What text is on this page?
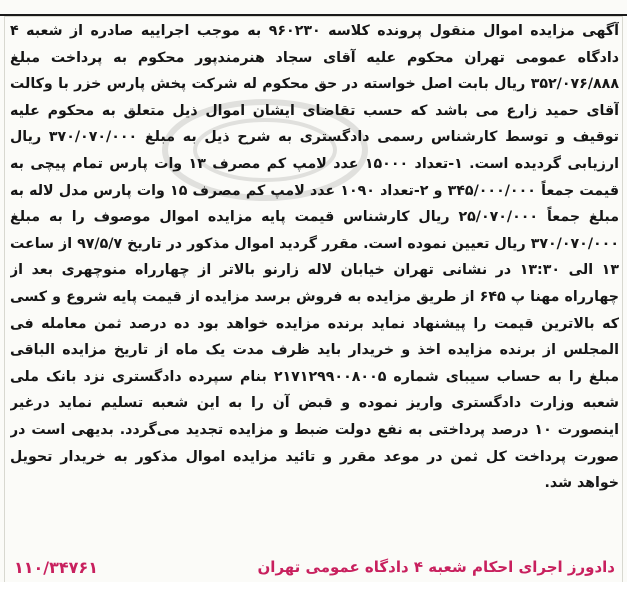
آگهی مزایده اموال منقول پرونده کلاسه ۹۶۰۲۳۰ به موجب اجراییه صادره از شعبه ۴ دادگاه عمومی تهران محکوم علیه آقای سجاد هنرمندپور محکوم به پرداخت مبلغ ۳۵۲/۰۷۶/۸۸۸ ریال بابت اصل خواسته در حق محکوم له شرکت پخش پارس خزر با وکالت آقای حمید زارع می باشد که حسب تقاضای ایشان اموال ذیل متعلق به محکوم علیه توقیف و توسط کارشناس رسمی دادگستری به شرح ذیل به مبلغ ۳۷۰/۰۷۰/۰۰۰ ریال ارزیابی گردیده است. ۱-تعداد ۱۵۰۰۰ عدد لامپ کم مصرف ۱۳ وات پارس تمام پیچی به قیمت جمعاً ۳۴۵/۰۰۰/۰۰۰ و ۲-تعداد ۱۰۹۰ عدد لامپ کم مصرف ۱۵ وات پارس مدل لاله به مبلغ جمعاً ۲۵/۰۷۰/۰۰۰ ریال کارشناس قیمت پایه مزایده اموال موصوف را به مبلغ ۳۷۰/۰۷۰/۰۰۰ ریال تعیین نموده است. مقرر گردید اموال مذکور در تاریخ ۹۷/۵/۷ از ساعت ۱۳ الی ۱۳:۳۰ در نشانی تهران خیابان لاله زارنو بالاتر از چهارراه منوچهری بعد از چهارراه مهنا پ ۶۴۵ از طریق مزایده به فروش برسد مزایده از قیمت پایه شروع و کسی که بالاترین قیمت را پیشنهاد نماید برنده مزایده خواهد بود ده درصد ثمن معامله فی المجلس از برنده مزایده اخذ و خریدار باید ظرف مدت یک ماه از تاریخ مزایده الباقی مبلغ را به حساب سیبای شماره ۲۱۷۱۲۹۹۰۰۸۰۰۵ بنام سپرده دادگستری نزد بانک ملی شعبه وزارت دادگستری واریز نموده و قبض آن را به این شعبه تسلیم نماید درغیر اینصورت ۱۰ درصد پرداختی به نفع دولت ضبط و مزایده تجدید می‌گردد. بدیهی است در صورت پرداخت کل ثمن در موعد مقرر و تائید مزایده اموال مذکور به خریدار تحویل خواهد شد.
دادورز اجرای احکام شعبه ۴ دادگاه عمومی تهران
۱۱۰/۳۴۷۶۱
